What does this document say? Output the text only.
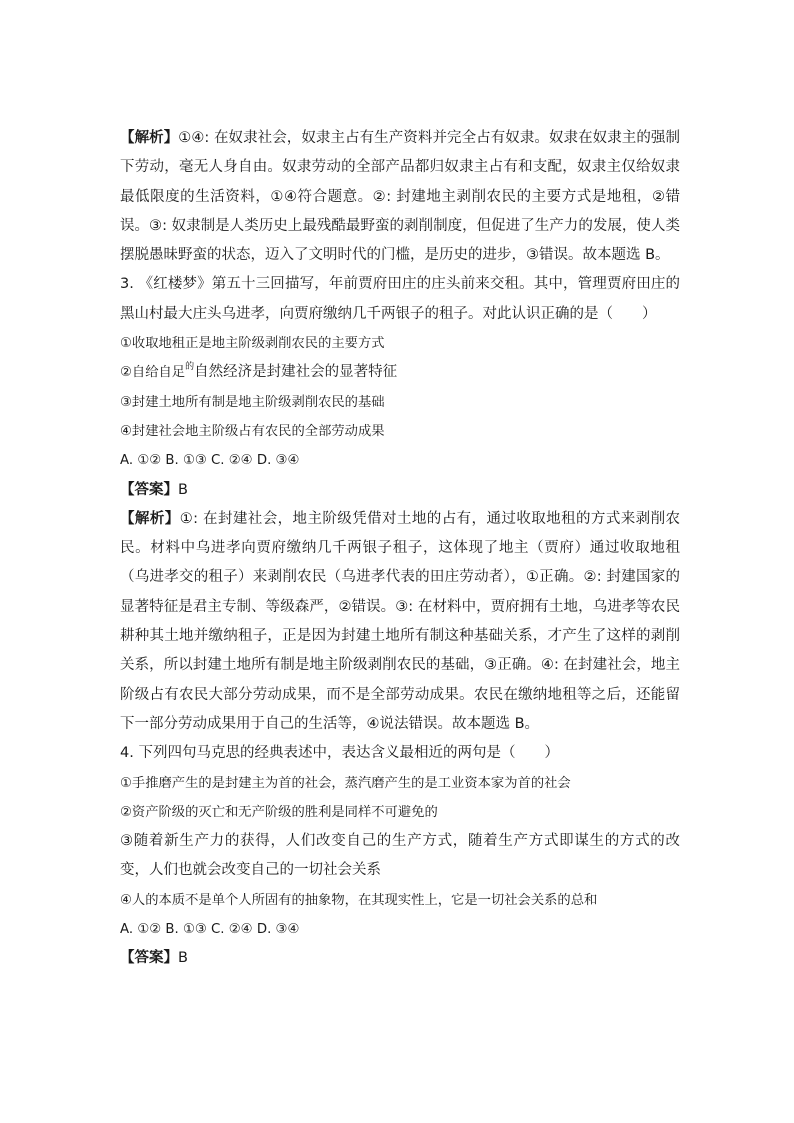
【解析】①④: 在奴隶社会，奴隶主占有生产资料并完全占有奴隶。奴隶在奴隶主的强制下劳动，毫无人身自由。奴隶劳动的全部产品都归奴隶主占有和支配，奴隶主仅给奴隶最低限度的生活资料，①④符合题意。②: 封建地主剥削农民的主要方式是地租，②错误。③: 奴隶制是人类历史上最残酷最野蛮的剥削制度，但促进了生产力的发展，使人类摆脱愚昧野蛮的状态，迈入了文明时代的门槛，是历史的进步，③错误。故本题选 B。

3. 《红楼梦》第五十三回描写，年前贾府田庄的庄头前来交租。其中，管理贾府田庄的黑山村最大庄头乌进孝，向贾府缴纳几千两银子的租子。对此认识正确的是（　　）

①收取地租正是地主阶级剥削农民的主要方式

②自给自足$^的$自然经济是封建社会的显著特征

③封建土地所有制是地主阶级剥削农民的基础

④封建社会地主阶级占有农民的全部劳动成果

A. ①② B. ①③ C. ②④ D. ③④

【答案】B

【解析】①: 在封建社会，地主阶级凭借对土地的占有，通过收取地租的方式来剥削农民。材料中乌进孝向贾府缴纳几千两银子租子，这体现了地主（贾府）通过收取地租（乌进孝交的租子）来剥削农民（乌进孝代表的田庄劳动者），①正确。②: 封建国家的显著特征是君主专制、等级森严，②错误。③: 在材料中，贾府拥有土地，乌进孝等农民耕种其土地并缴纳租子，正是因为封建土地所有制这种基础关系，才产生了这样的剥削关系，所以封建土地所有制是地主阶级剥削农民的基础，③正确。④: 在封建社会，地主阶级占有农民大部分劳动成果，而不是全部劳动成果。农民在缴纳地租等之后，还能留下一部分劳动成果用于自己的生活等，④说法错误。故本题选 B。

4. 下列四句马克思的经典表述中，表达含义最相近的两句是（　　）

①手推磨产生的是封建主为首的社会，蒸汽磨产生的是工业资本家为首的社会

②资产阶级的灭亡和无产阶级的胜利是同样不可避免的

③随着新生产力的获得，人们改变自己的生产方式，随着生产方式即谋生的方式的改变，人们也就会改变自己的一切社会关系

④人的本质不是单个人所固有的抽象物，在其现实性上，它是一切社会关系的总和

A. ①② B. ①③ C. ②④ D. ③④

【答案】B
